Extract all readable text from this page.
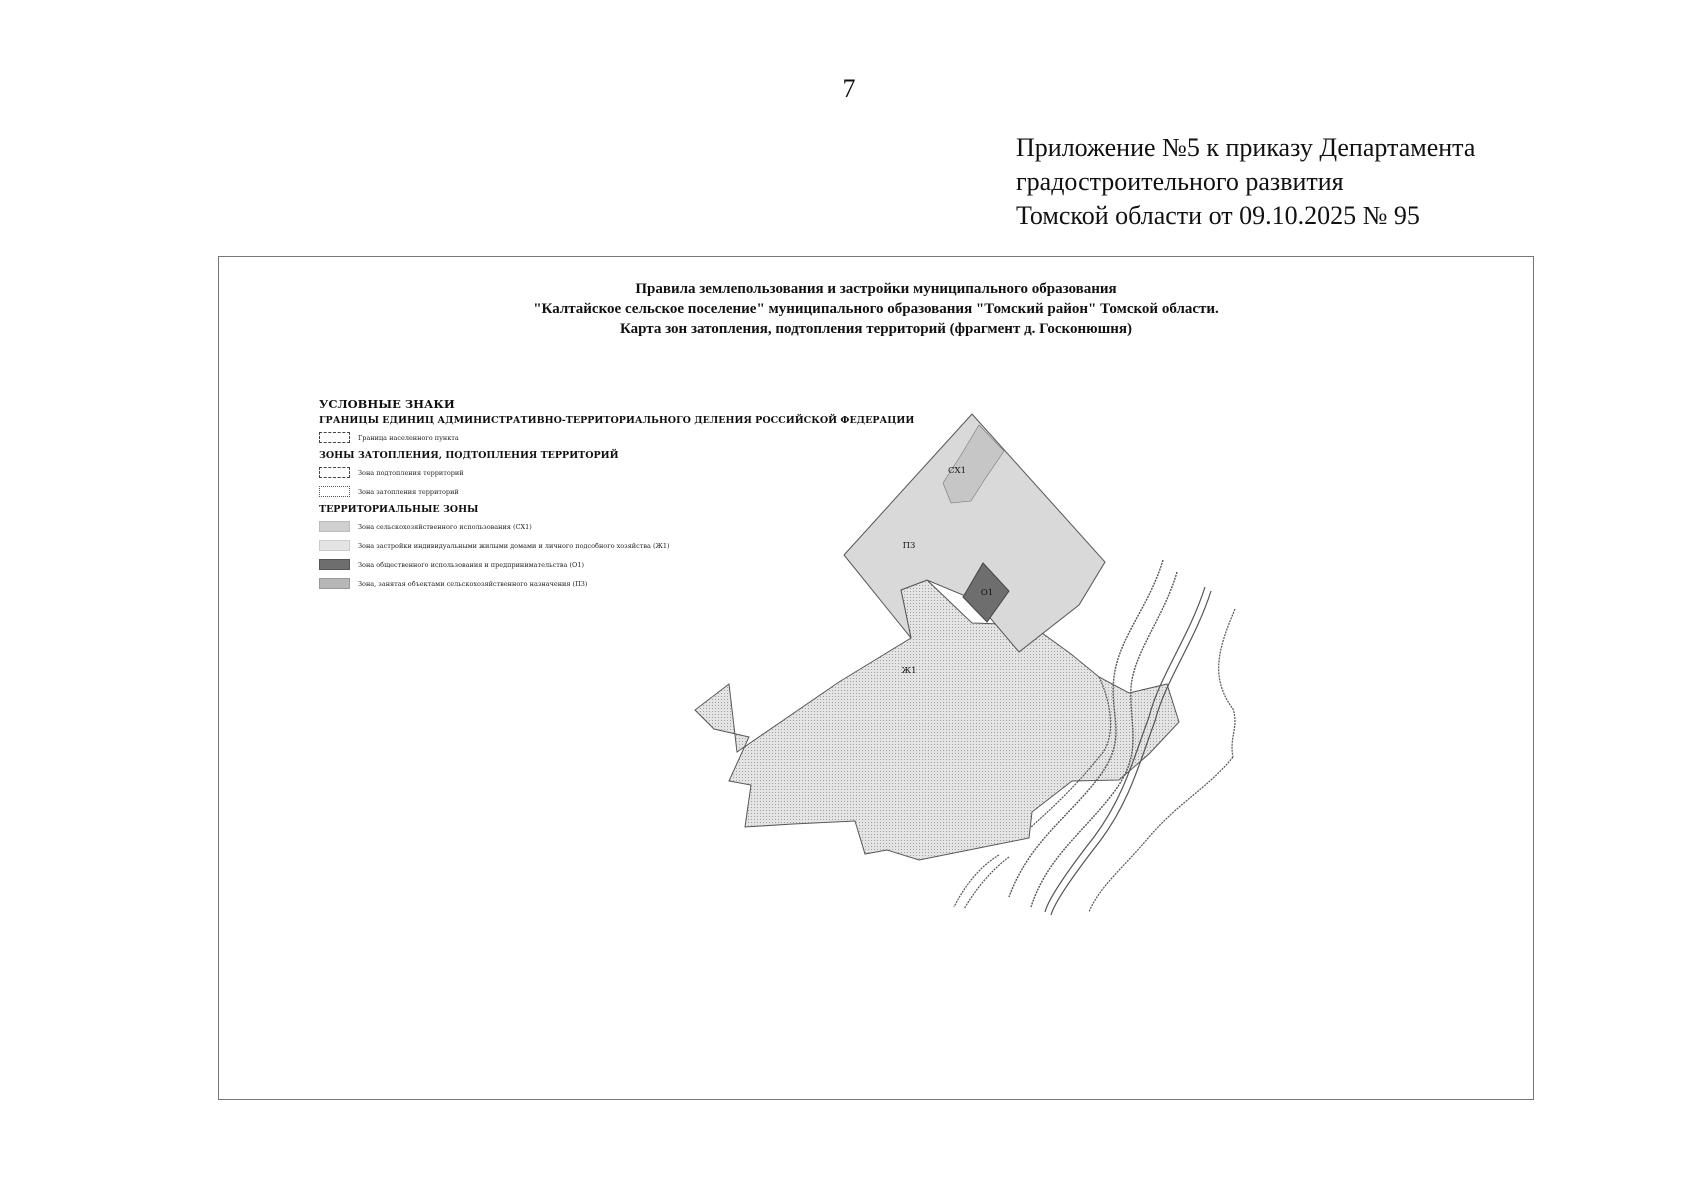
7
Приложение №5 к приказу Департамента
градостроительного развития
Томской области от 09.10.2025 № 95
Правила землепользования и застройки муниципального образования
"Калтайское сельское поселение" муниципального образования "Томский район" Томской области.
Карта зон затопления, подтопления территорий (фрагмент д. Госконюшня)
УСЛОВНЫЕ ЗНАКИ
ГРАНИЦЫ ЕДИНИЦ АДМИНИСТРАТИВНО-ТЕРРИТОРИАЛЬНОГО ДЕЛЕНИЯ РОССИЙСКОЙ ФЕДЕРАЦИИ
Граница населенного пункта
ЗОНЫ ЗАТОПЛЕНИЯ, ПОДТОПЛЕНИЯ ТЕРРИТОРИЙ
Зона подтопления территорий
Зона затопления территорий
ТЕРРИТОРИАЛЬНЫЕ ЗОНЫ
Зона сельскохозяйственного использования (СХ1)
Зона застройки индивидуальными жилыми домами и личного подсобного хозяйства (Ж1)
Зона общественного использования и предпринимательства (О1)
Зона, занятая объектами сельскохозяйственного назначения (П3)
СХ1
П3
О1
Ж1
